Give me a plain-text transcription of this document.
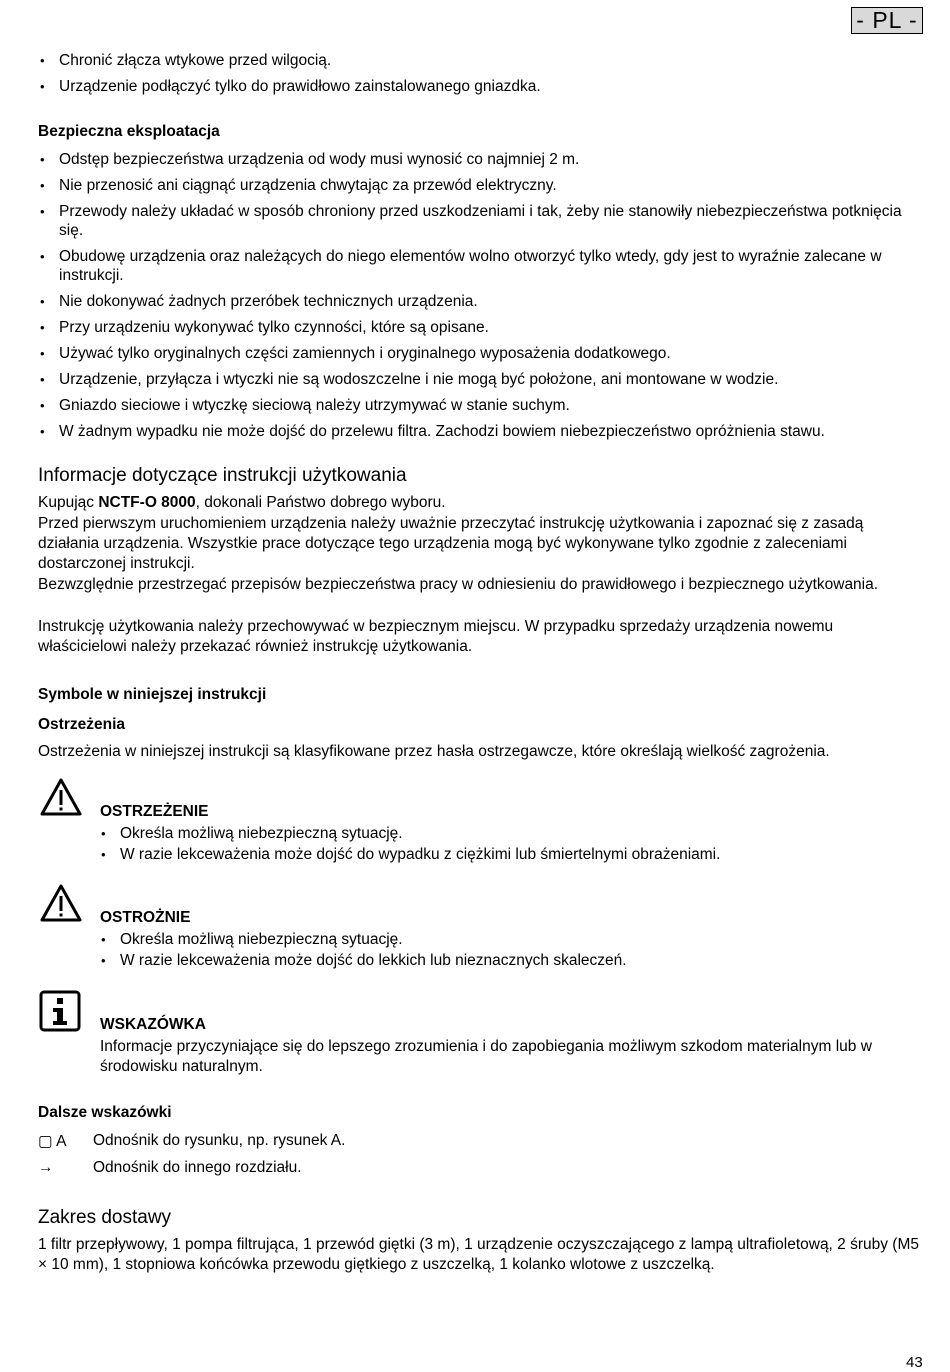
- PL -
• Chronić złącza wtykowe przed wilgocią.
• Urządzenie podłączyć tylko do prawidłowo zainstalowanego gniazdka.
Bezpieczna eksploatacja
• Odstęp bezpieczeństwa urządzenia od wody musi wynosić co najmniej 2 m.
• Nie przenosić ani ciągnąć urządzenia chwytając za przewód elektryczny.
• Przewody należy układać w sposób chroniony przed uszkodzeniami i tak, żeby nie stanowiły niebezpieczeństwa potknięcia się.
• Obudowę urządzenia oraz należących do niego elementów wolno otworzyć tylko wtedy, gdy jest to wyraźnie zalecane w instrukcji.
• Nie dokonywać żadnych przeróbek technicznych urządzenia.
• Przy urządzeniu wykonywać tylko czynności, które są opisane.
• Używać tylko oryginalnych części zamiennych i oryginalnego wyposażenia dodatkowego.
• Urządzenie, przyłącza i wtyczki nie są wodoszczelne i nie mogą być położone, ani montowane w wodzie.
• Gniazdo sieciowe i wtyczkę sieciową należy utrzymywać w stanie suchym.
• W żadnym wypadku nie może dojść do przelewu filtra. Zachodzi bowiem niebezpieczeństwo opróżnienia stawu.
Informacje dotyczące instrukcji użytkowania

Kupując NCTF-O 8000, dokonali Państwo dobrego wyboru.

Przed pierwszym uruchomieniem urządzenia należy uważnie przeczytać instrukcję użytkowania i zapoznać się z zasadą działania urządzenia. Wszystkie prace dotyczące tego urządzenia mogą być wykonywane tylko zgodnie z zaleceniami dostarczonej instrukcji.

Bezwzględnie przestrzegać przepisów bezpieczeństwa pracy w odniesieniu do prawidłowego i bezpiecznego użytkowania.

Instrukcję użytkowania należy przechowywać w bezpiecznym miejscu. W przypadku sprzedaży urządzenia nowemu właścicielowi należy przekazać również instrukcję użytkowania.

Symbole w niniejszej instrukcji
Ostrzeżenia

Ostrzeżenia w niniejszej instrukcji są klasyfikowane przez hasła ostrzegawcze, które określają wielkość zagrożenia.

OSTRZEŻENIE
• Określa możliwą niebezpieczną sytuację.
• W razie lekceważenia może dojść do wypadku z ciężkimi lub śmiertelnymi obrażeniami.
OSTROŻNIE
• Określa możliwą niebezpieczną sytuację.
• W razie lekceważenia może dojść do lekkich lub nieznacznych skaleczeń.
WSKAZÓWKA

Informacje przyczyniające się do lepszego zrozumienia i do zapobiegania możliwym szkodom materialnym lub w środowisku naturalnym.

Dalsze wskazówki
▢ A Odnośnik do rysunku, np. rysunek A.
→	Odnośnik do innego rozdziału.
Zakres dostawy

1 filtr przepływowy, 1 pompa filtrująca, 1 przewód giętki (3 m), 1 urządzenie oczyszczającego z lampą ultrafioletową, 2 śruby (M5 × 10 mm), 1 stopniowa końcówka przewodu giętkiego z uszczelką, 1 kolanko wlotowe z uszczelką.

43
